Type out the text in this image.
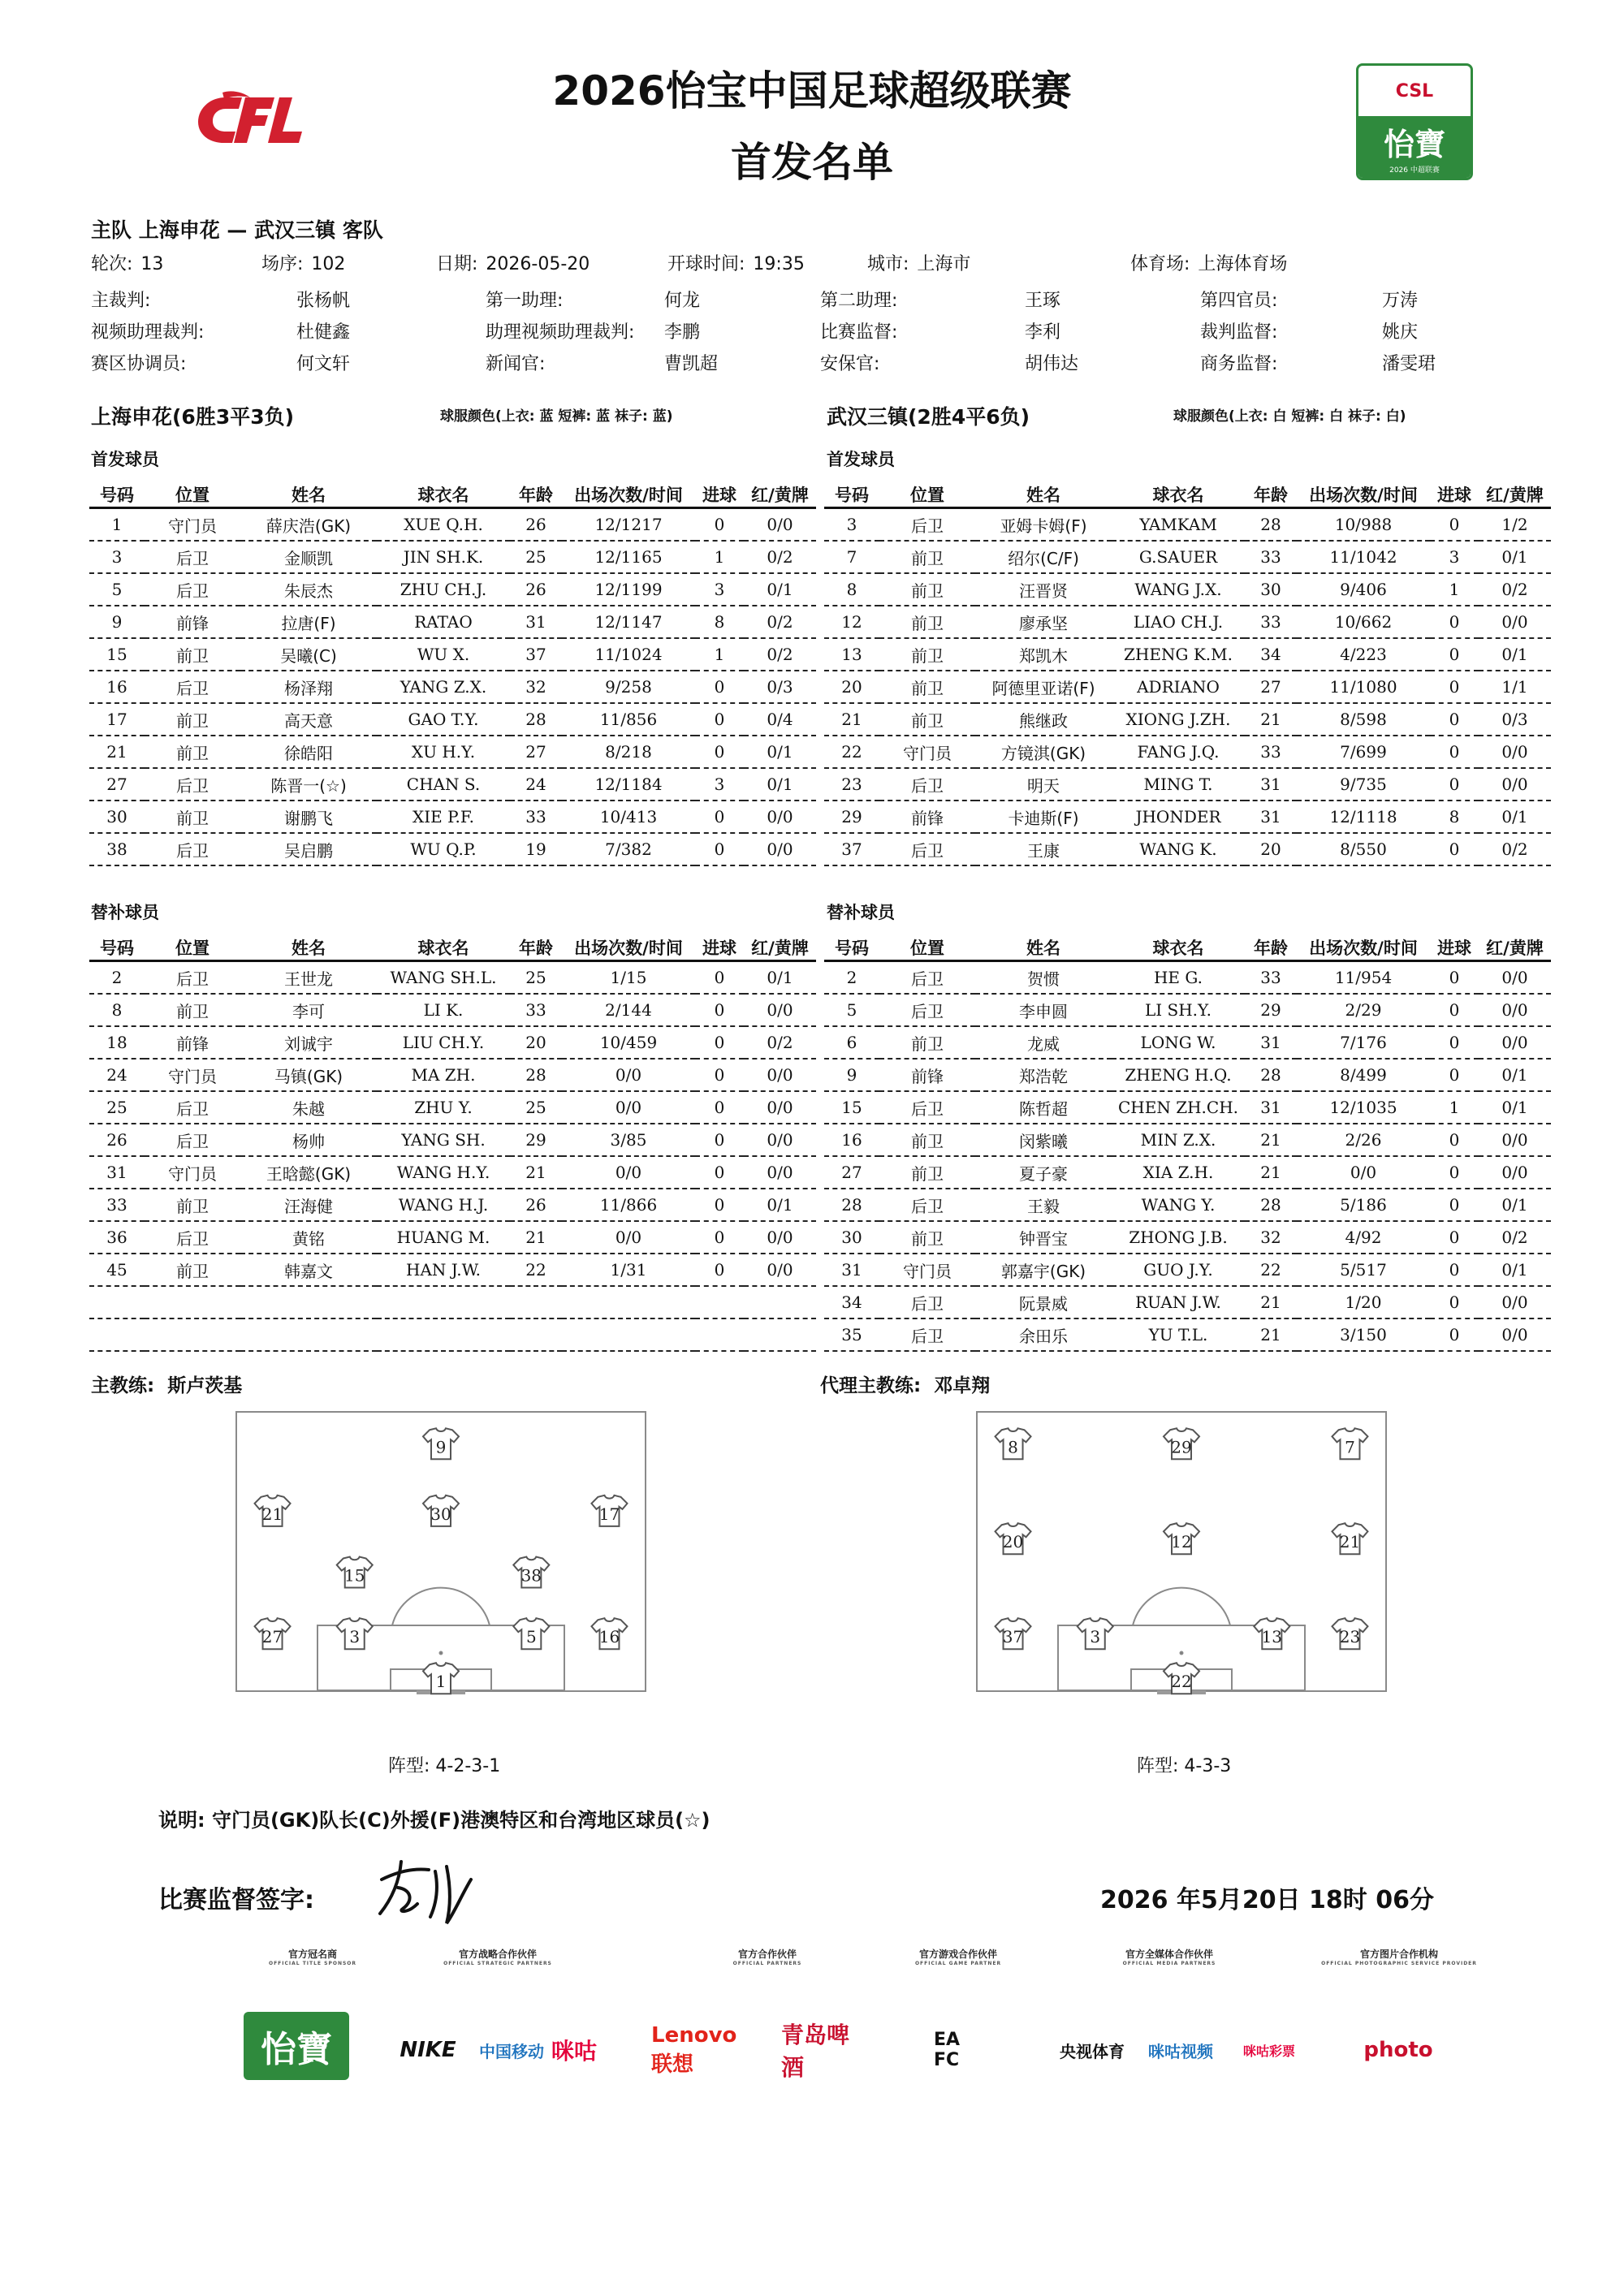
2026怡宝中国足球超级联赛
首发名单
CSL
怡寶
2026 中超联赛
主队 上海申花 — 武汉三镇 客队
轮次: 13	场序: 102	日期: 2026-05-20	开球时间: 19:35	城市: 上海市	体育场: 上海体育场
主裁判:	张杨帆	第一助理:	何龙	第二助理:	王琢	第四官员:	万涛
视频助理裁判:	杜健鑫	助理视频助理裁判: 李鹏	比赛监督:	李利	裁判监督:	姚庆
赛区协调员:	何文轩	新闻官:	曹凯超	安保官:	胡伟达	商务监督:	潘雯珺
上海申花(6胜3平3负)	球服颜色(上衣: 蓝 短裤: 蓝 袜子: 蓝)	武汉三镇(2胜4平6负)	球服颜色(上衣: 白 短裤: 白 袜子: 白)
首发球员	首发球员
替补球员	替补球员
号码	位置	姓名	球衣名	年龄	出场次数/时间	进球	红/黄牌
1	守门员	薛庆浩(GK)	XUE Q.H.	26	12/1217	0	0/0
3	后卫	金顺凯	JIN SH.K.	25	12/1165	1	0/2
5	后卫	朱辰杰	ZHU CH.J.	26	12/1199	3	0/1
9	前锋	拉唐(F)	RATAO	31	12/1147	8	0/2
15	前卫	吴曦(C)	WU X.	37	11/1024	1	0/2
16	后卫	杨泽翔	YANG Z.X.	32	9/258	0	0/3
17	前卫	高天意	GAO T.Y.	28	11/856	0	0/4
21	前卫	徐皓阳	XU H.Y.	27	8/218	0	0/1
27	后卫	陈晋一(☆)	CHAN S.	24	12/1184	3	0/1
30	前卫	谢鹏飞	XIE P.F.	33	10/413	0	0/0
38	后卫	吴启鹏	WU Q.P.	19	7/382	0	0/0
号码	位置	姓名	球衣名	年龄	出场次数/时间	进球	红/黄牌
3	后卫	亚姆卡姆(F)	YAMKAM	28	10/988	0	1/2
7	前卫	绍尔(C/F)	G.SAUER	33	11/1042	3	0/1
8	前卫	汪晋贤	WANG J.X.	30	9/406	1	0/2
12	前卫	廖承坚	LIAO CH.J.	33	10/662	0	0/0
13	前卫	郑凯木	ZHENG K.M.	34	4/223	0	0/1
20	前卫	阿德里亚诺(F)	ADRIANO	27	11/1080	0	1/1
21	前卫	熊继政	XIONG J.ZH.	21	8/598	0	0/3
22	守门员	方镜淇(GK)	FANG J.Q.	33	7/699	0	0/0
23	后卫	明天	MING T.	31	9/735	0	0/0
29	前锋	卡迪斯(F)	JHONDER	31	12/1118	8	0/1
37	后卫	王康	WANG K.	20	8/550	0	0/2
号码	位置	姓名	球衣名	年龄	出场次数/时间	进球	红/黄牌
2	后卫	王世龙	WANG SH.L.	25	1/15	0	0/1
8	前卫	李可	LI K.	33	2/144	0	0/0
18	前锋	刘诚宇	LIU CH.Y.	20	10/459	0	0/2
24	守门员	马镇(GK)	MA ZH.	28	0/0	0	0/0
25	后卫	朱越	ZHU Y.	25	0/0	0	0/0
26	后卫	杨帅	YANG SH.	29	3/85	0	0/0
31	守门员	王晗懿(GK)	WANG H.Y.	21	0/0	0	0/0
33	前卫	汪海健	WANG H.J.	26	11/866	0	0/1
36	后卫	黄铭	HUANG M.	21	0/0	0	0/0
45	前卫	韩嘉文	HAN J.W.	22	1/31	0	0/0

号码	位置	姓名	球衣名	年龄	出场次数/时间	进球	红/黄牌
2	后卫	贺惯	HE G.	33	11/954	0	0/0
5	后卫	李申圆	LI SH.Y.	29	2/29	0	0/0
6	前卫	龙威	LONG W.	31	7/176	0	0/0
9	前锋	郑浩乾	ZHENG H.Q.	28	8/499	0	0/1
15	后卫	陈哲超	CHEN ZH.CH.	31	12/1035	1	0/1
16	前卫	闵紫曦	MIN Z.X.	21	2/26	0	0/0
27	前卫	夏子豪	XIA Z.H.	21	0/0	0	0/0
28	后卫	王毅	WANG Y.	28	5/186	0	0/1
30	前卫	钟晋宝	ZHONG J.B.	32	4/92	0	0/2
31	守门员	郭嘉宇(GK)	GUO J.Y.	22	5/517	0	0/1
34	后卫	阮景威	RUAN J.W.	21	1/20	0	0/0
35	后卫	余田乐	YU T.L.	21	3/150	0	0/0
主教练: 斯卢茨基	代理主教练: 邓卓翔
9
21	30	17
15	38
27	3	5	16
1
8	29	7
20	12	21
37	3	13	23
22
阵型: 4-2-3-1	阵型: 4-3-3
说明: 守门员(GK)队长(C)外援(F)港澳特区和台湾地区球员(☆)
比赛监督签字:	2026 年5月20日 18时 06分
官方冠名商
OFFICIAL TITLE SPONSOR
官方战略合作伙伴
OFFICIAL STRATEGIC PARTNERS
官方合作伙伴
OFFICIAL PARTNERS
官方游戏合作伙伴
OFFICIAL GAME PARTNER
官方全媒体合作伙伴
OFFICIAL MEDIA PARTNERS
官方图片合作机构
OFFICIAL PHOTOGRAPHIC SERVICE PROVIDER
怡寶	NIKE 中国移动 咪咕
Lenovo联想
青岛啤酒
EA FC	央视体育	咪咕视频	咪咕彩票	photo
